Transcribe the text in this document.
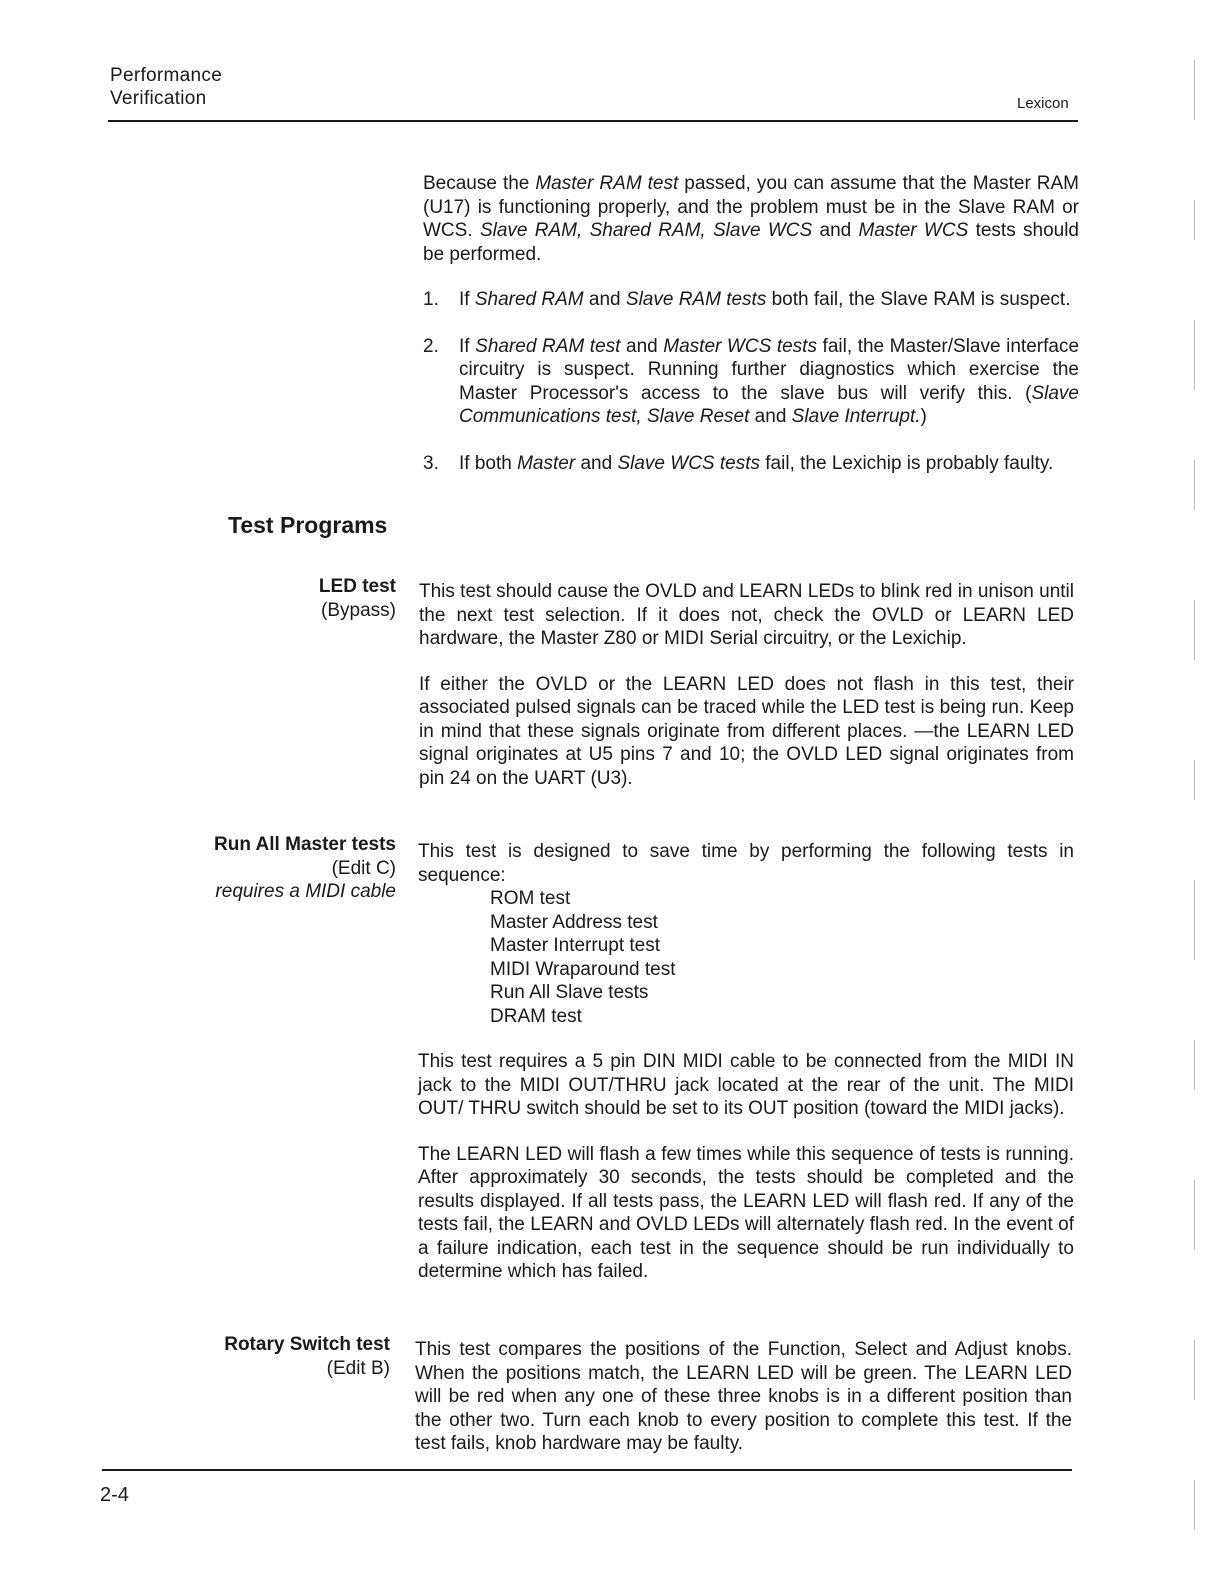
Performance
Verification	Lexicon

Because the Master RAM test passed, you can assume that the Master RAM (U17) is functioning properly, and the problem must be in the Slave RAM or WCS. Slave RAM, Shared RAM, Slave WCS and Master WCS tests should be performed.

1. If Shared RAM and Slave RAM tests both fail, the Slave RAM is suspect.
2. If Shared RAM test and Master WCS tests fail, the Master/Slave interface circuitry is suspect. Running further diagnostics which exercise the Master Processor's access to the slave bus will verify this. (Slave Communications test, Slave Reset and Slave Interrupt.)
3. If both Master and Slave WCS tests fail, the Lexichip is probably faulty.
Test Programs
LED test
(Bypass)

This test should cause the OVLD and LEARN LEDs to blink red in unison until the next test selection. If it does not, check the OVLD or LEARN LED hardware, the Master Z80 or MIDI Serial circuitry, or the Lexichip.

If either the OVLD or the LEARN LED does not flash in this test, their associated pulsed signals can be traced while the LED test is being run. Keep in mind that these signals originate from different places. —the LEARN LED signal originates at U5 pins 7 and 10; the OVLD LED signal originates from pin 24 on the UART (U3).

Run All Master tests
(Edit C)
requires a MIDI cable

This test is designed to save time by performing the following tests in sequence:

ROM test
Master Address test
Master Interrupt test
MIDI Wraparound test
Run All Slave tests
DRAM test

This test requires a 5 pin DIN MIDI cable to be connected from the MIDI IN jack to the MIDI OUT/THRU jack located at the rear of the unit. The MIDI OUT/ THRU switch should be set to its OUT position (toward the MIDI jacks).

The LEARN LED will flash a few times while this sequence of tests is running. After approximately 30 seconds, the tests should be completed and the results displayed. If all tests pass, the LEARN LED will flash red. If any of the tests fail, the LEARN and OVLD LEDs will alternately flash red. In the event of a failure indication, each test in the sequence should be run individually to determine which has failed.

Rotary Switch test
(Edit B)

This test compares the positions of the Function, Select and Adjust knobs. When the positions match, the LEARN LED will be green. The LEARN LED will be red when any one of these three knobs is in a different position than the other two. Turn each knob to every position to complete this test. If the test fails, knob hardware may be faulty.

2-4
